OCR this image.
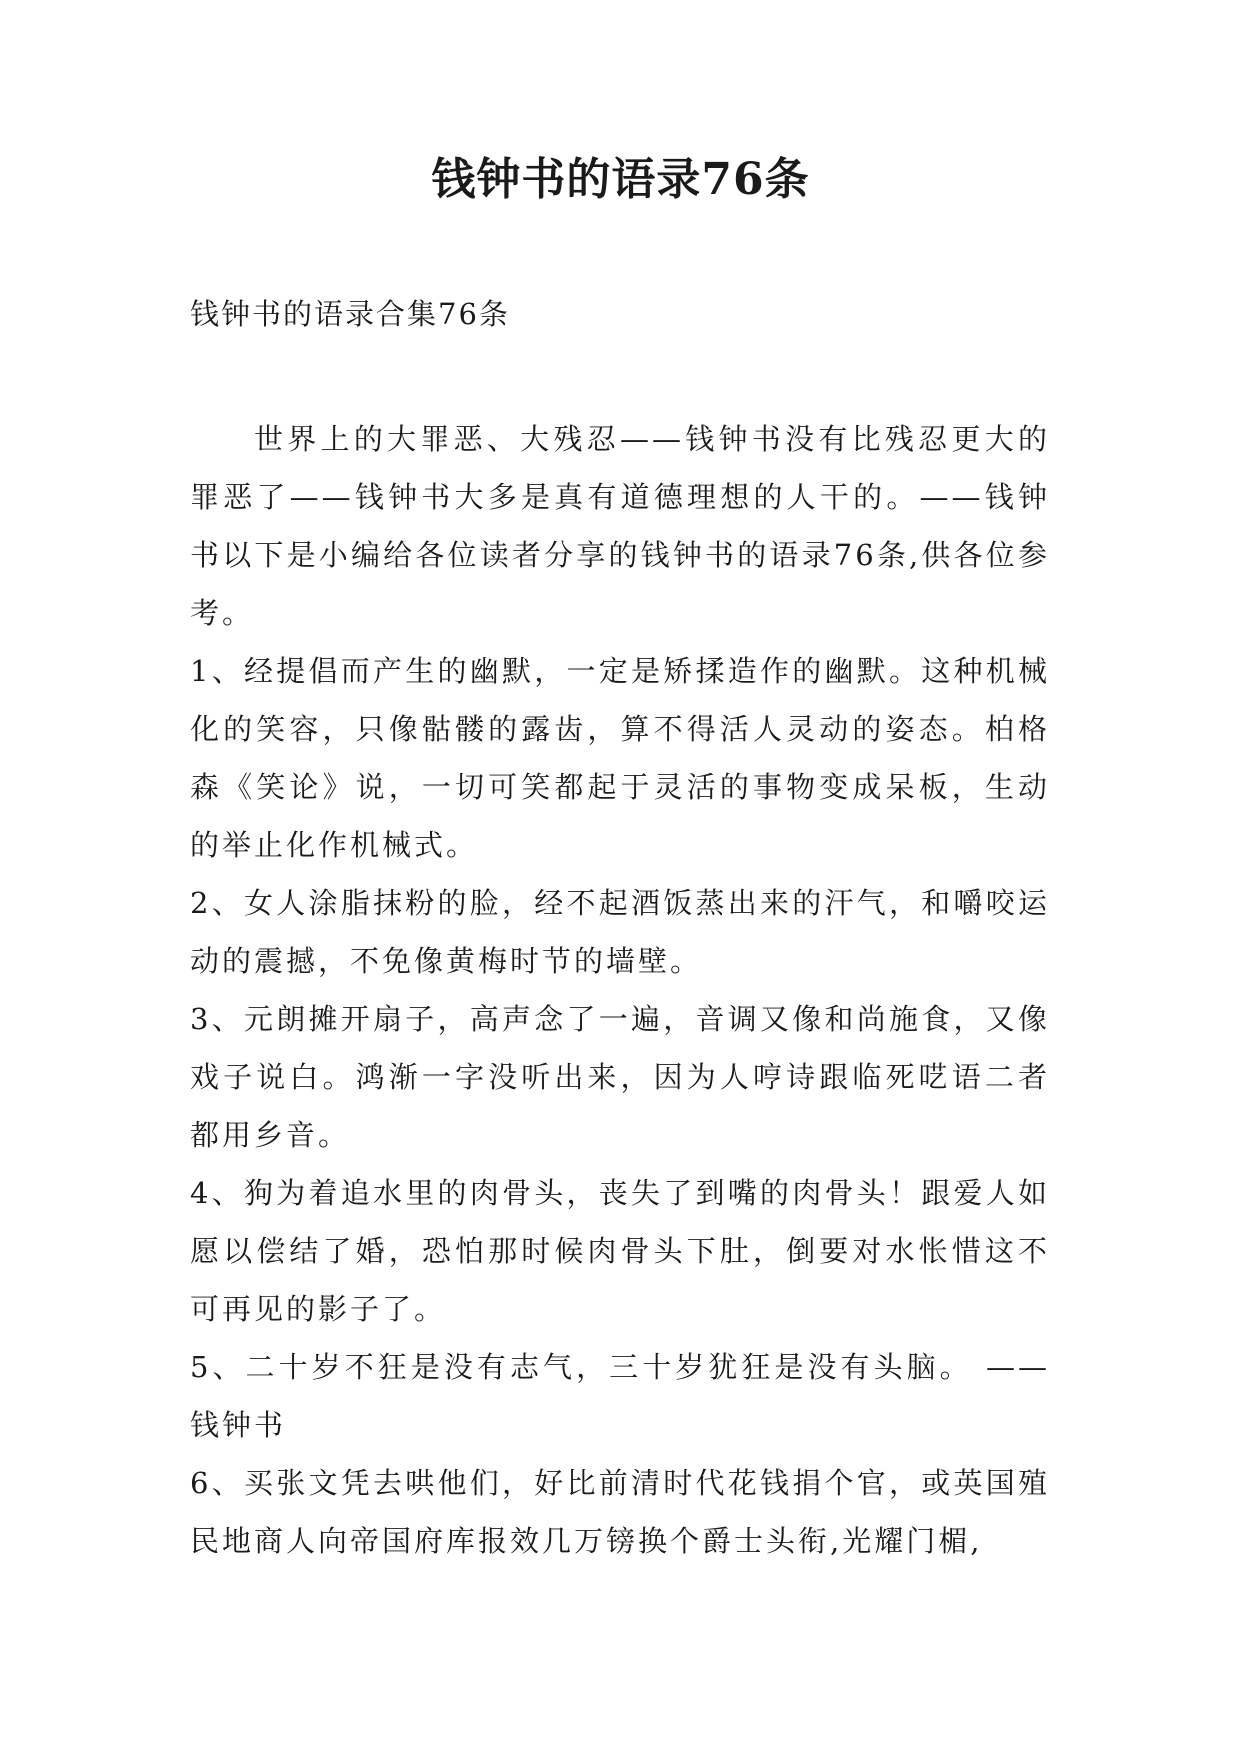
钱钟书的语录76条

钱钟书的语录合集76条

世界上的大罪恶、大残忍——钱钟书没有比残忍更大的罪恶了——钱钟书大多是真有道德理想的人干的。——钱钟书以下是小编给各位读者分享的钱钟书的语录76条,供各位参考。

1、经提倡而产生的幽默，一定是矫揉造作的幽默。这种机械化的笑容，只像骷髅的露齿，算不得活人灵动的姿态。柏格森《笑论》说，一切可笑都起于灵活的事物变成呆板，生动的举止化作机械式。

2、女人涂脂抹粉的脸，经不起酒饭蒸出来的汗气，和嚼咬运动的震撼，不免像黄梅时节的墙壁。

3、元朗摊开扇子，高声念了一遍，音调又像和尚施食，又像戏子说白。鸿渐一字没听出来，因为人哼诗跟临死呓语二者都用乡音。

4、狗为着追水里的肉骨头，丧失了到嘴的肉骨头！跟爱人如愿以偿结了婚，恐怕那时候肉骨头下肚，倒要对水怅惜这不可再见的影子了。

5、二十岁不狂是没有志气，三十岁犹狂是没有头脑。 ——钱钟书

6、买张文凭去哄他们，好比前清时代花钱捐个官，或英国殖民地商人向帝国府库报效几万镑换个爵士头衔,光耀门楣,
